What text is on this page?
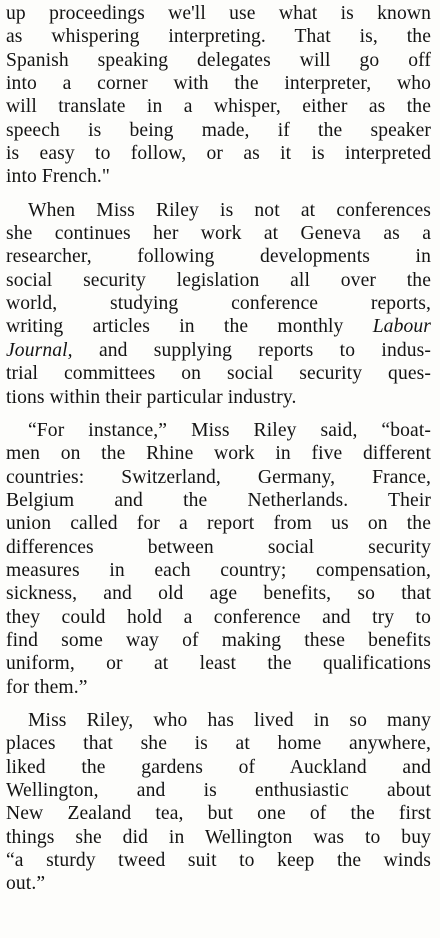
up proceedings we'll use what is known
as whispering interpreting. That is, the
Spanish speaking delegates will go off
into a corner with the interpreter, who
will translate in a whisper, either as the
speech is being made, if the speaker
is easy to follow, or as it is interpreted
into French."

When Miss Riley is not at conferences
she continues her work at Geneva as a
researcher, following developments in
social security legislation all over the
world, studying conference reports,
writing articles in the monthly Labour
Journal, and supplying reports to indus-
trial committees on social security ques-
tions within their particular industry.

“For instance,” Miss Riley said, “boat-
men on the Rhine work in five different
countries: Switzerland, Germany, France,
Belgium and the Netherlands. Their
union called for a report from us on the
differences between social security
measures in each country; compensation,
sickness, and old age benefits, so that
they could hold a conference and try to
find some way of making these benefits
uniform, or at least the qualifications
for them.”

Miss Riley, who has lived in so many
places that she is at home anywhere,
liked the gardens of Auckland and
Wellington, and is enthusiastic about
New Zealand tea, but one of the first
things she did in Wellington was to buy
“a sturdy tweed suit to keep the winds
out.”
